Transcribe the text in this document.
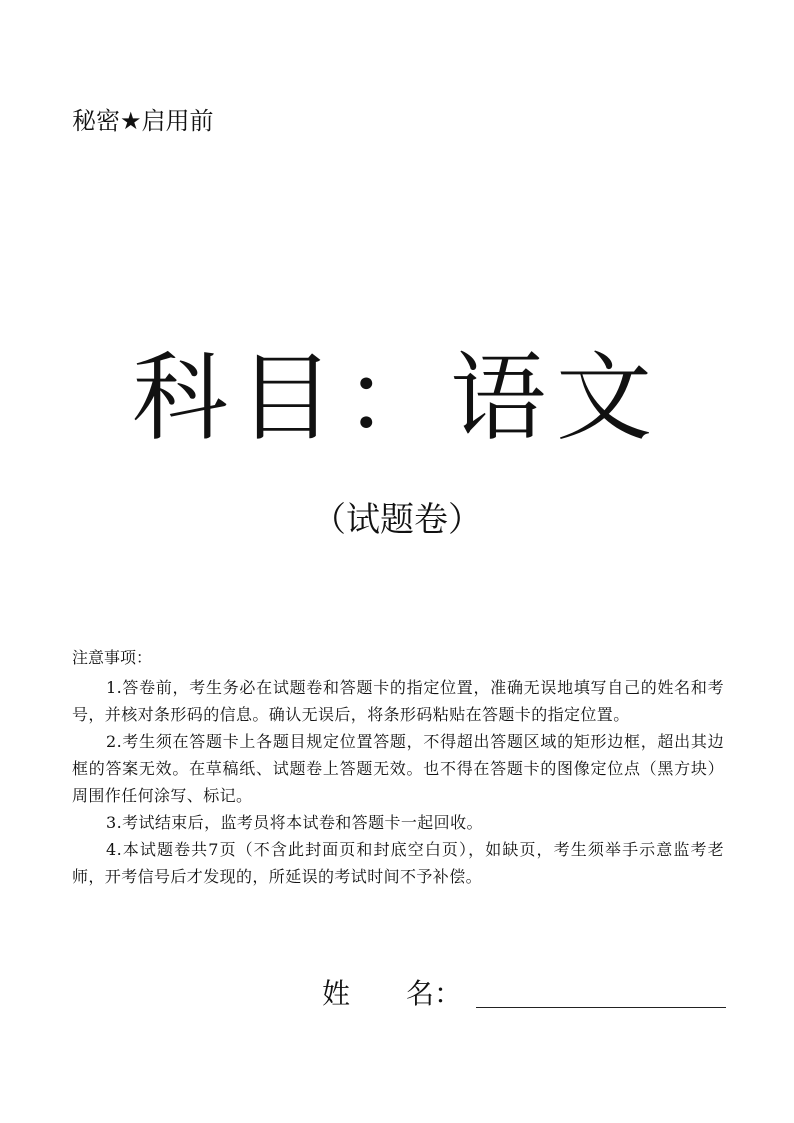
秘密★启用前
科目：语文
（试题卷）
注意事项：

1.答卷前，考生务必在试题卷和答题卡的指定位置，准确无误地填写自己的姓名和考号，并核对条形码的信息。确认无误后，将条形码粘贴在答题卡的指定位置。

2.考生须在答题卡上各题目规定位置答题，不得超出答题区域的矩形边框，超出其边框的答案无效。在草稿纸、试题卷上答题无效。也不得在答题卡的图像定位点（黑方块）周围作任何涂写、标记。

3.考试结束后，监考员将本试卷和答题卡一起回收。

4.本试题卷共7页（不含此封面页和封底空白页），如缺页，考生须举手示意监考老师，开考信号后才发现的，所延误的考试时间不予补偿。

姓　　名：
